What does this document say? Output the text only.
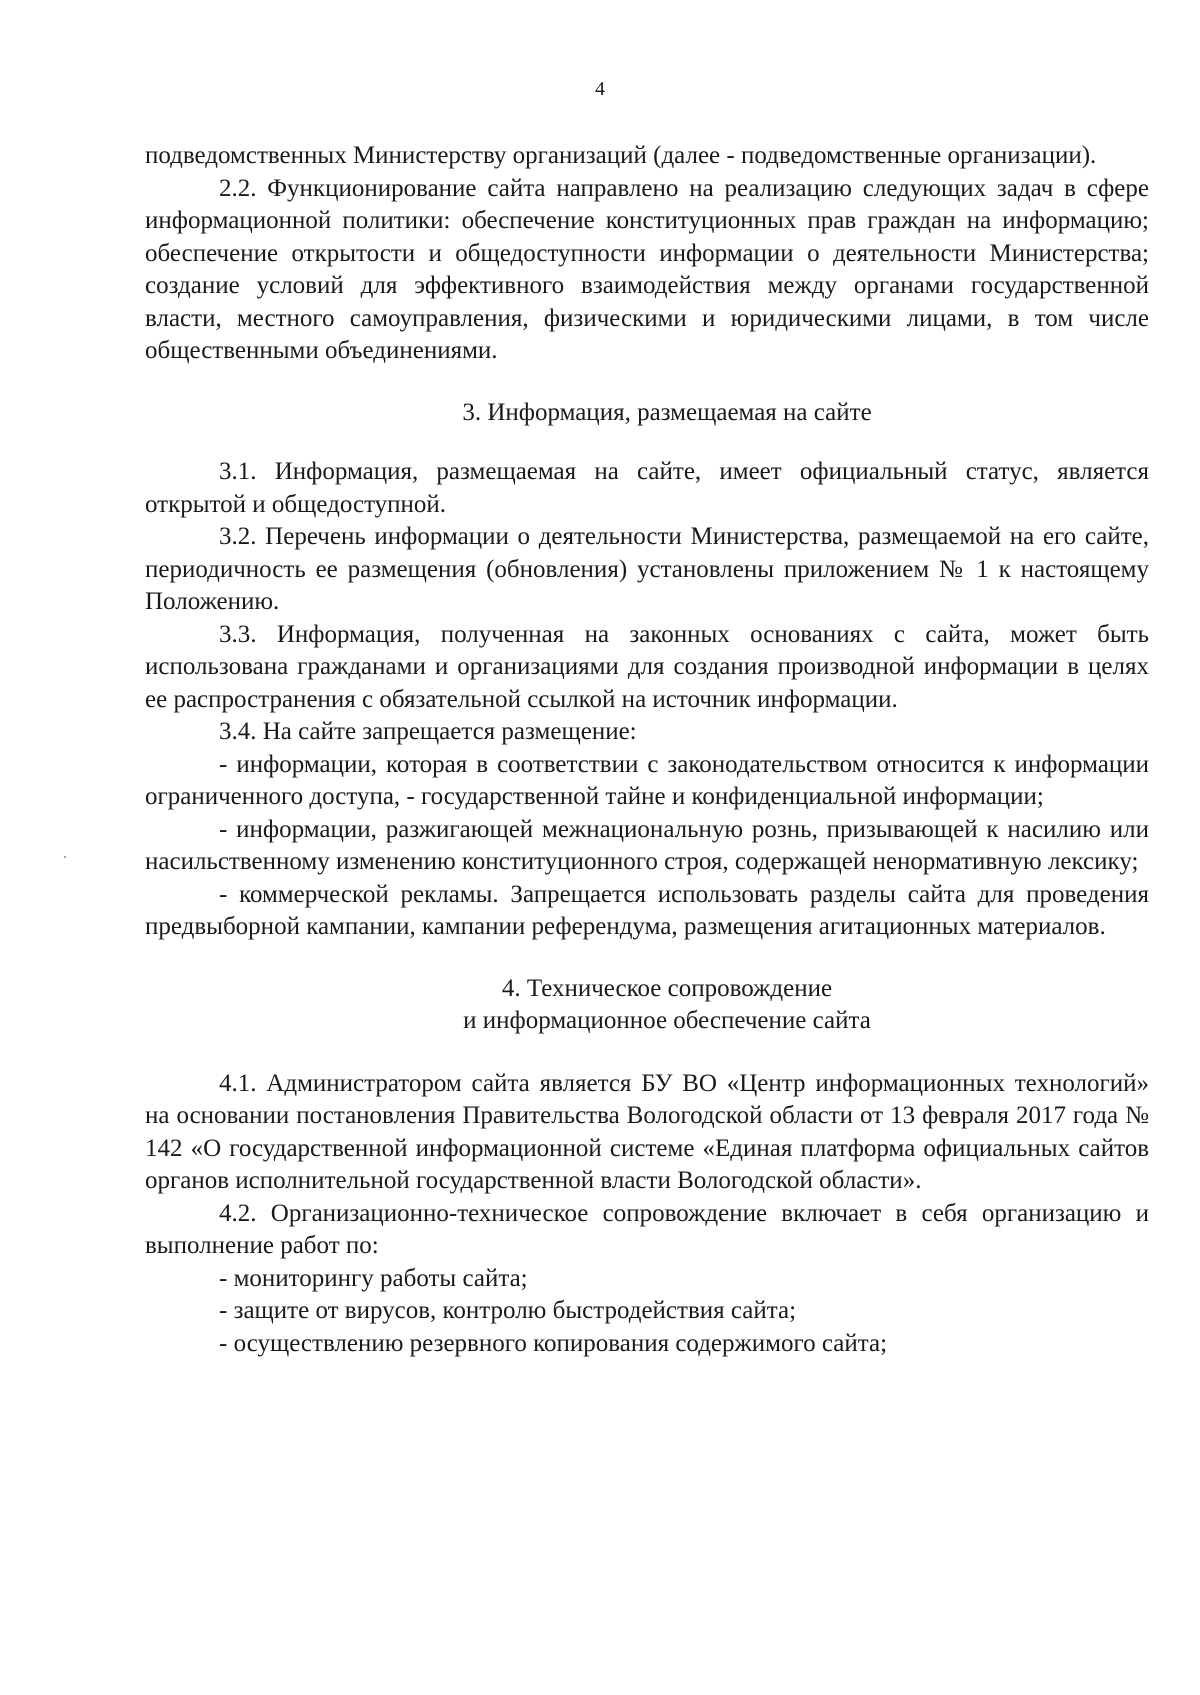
4

подведомственных Министерству организаций (далее - подведомственные организации).

2.2. Функционирование сайта направлено на реализацию следующих задач в сфере информационной политики: обеспечение конституционных прав граждан на информацию; обеспечение открытости и общедоступности информации о деятельности Министерства; создание условий для эффективного взаимодействия между органами государственной власти, местного самоуправления, физическими и юридическими лицами, в том числе общественными объединениями.

3. Информация, размещаемая на сайте

3.1. Информация, размещаемая на сайте, имеет официальный статус, является открытой и общедоступной.

3.2. Перечень информации о деятельности Министерства, размещаемой на его сайте, периодичность ее размещения (обновления) установлены приложением № 1 к настоящему Положению.

3.3. Информация, полученная на законных основаниях с сайта, может быть использована гражданами и организациями для создания производной информации в целях ее распространения с обязательной ссылкой на источник информации.

3.4. На сайте запрещается размещение:

- информации, которая в соответствии с законодательством относится к информации ограниченного доступа, - государственной тайне и конфиденциальной информации;

- информации, разжигающей межнациональную рознь, призывающей к насилию или насильственному изменению конституционного строя, содержащей ненормативную лексику;

- коммерческой рекламы. Запрещается использовать разделы сайта для проведения предвыборной кампании, кампании референдума, размещения агитационных материалов.

4. Техническое сопровождение
и информационное обеспечение сайта

4.1. Администратором сайта является БУ ВО «Центр информационных технологий» на основании постановления Правительства Вологодской области от 13 февраля 2017 года № 142 «О государственной информационной системе «Единая платформа официальных сайтов органов исполнительной государственной власти Вологодской области».

4.2. Организационно-техническое сопровождение включает в себя организацию и выполнение работ по:

- мониторингу работы сайта;

- защите от вирусов, контролю быстродействия сайта;

- осуществлению резервного копирования содержимого сайта;
